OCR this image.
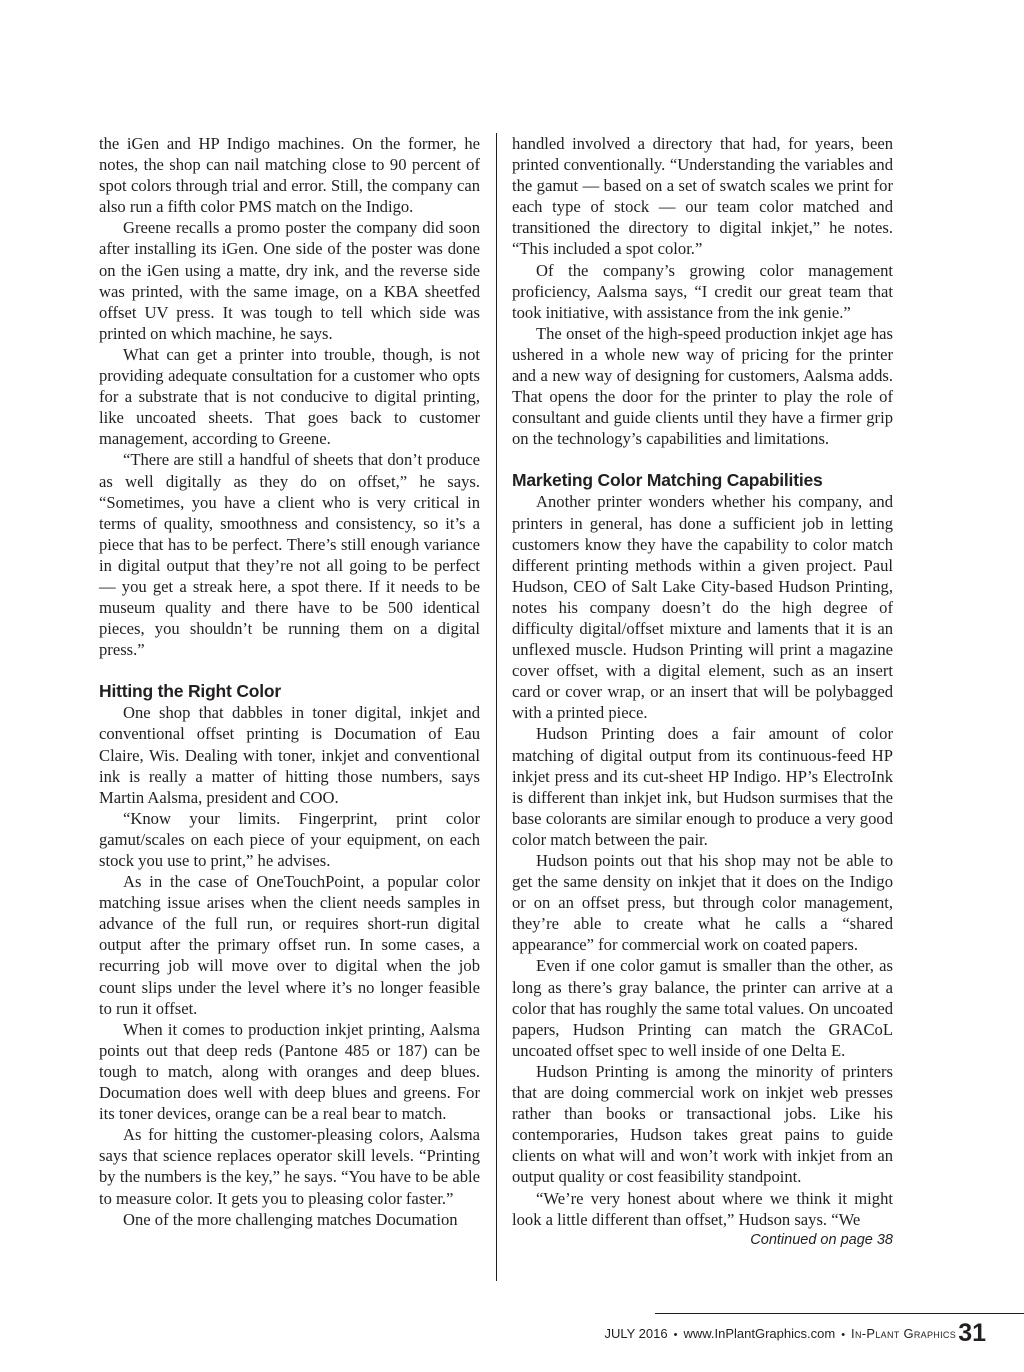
the iGen and HP Indigo machines. On the former, he notes, the shop can nail matching close to 90 percent of spot colors through trial and error. Still, the company can also run a fifth color PMS match on the Indigo.

Greene recalls a promo poster the company did soon after installing its iGen. One side of the poster was done on the iGen using a matte, dry ink, and the reverse side was printed, with the same image, on a KBA sheetfed offset UV press. It was tough to tell which side was printed on which machine, he says.

What can get a printer into trouble, though, is not providing adequate consultation for a customer who opts for a substrate that is not conducive to digital printing, like uncoated sheets. That goes back to customer management, according to Greene.

“There are still a handful of sheets that don’t produce as well digitally as they do on offset,” he says. “Sometimes, you have a client who is very critical in terms of quality, smoothness and consistency, so it’s a piece that has to be perfect. There’s still enough variance in digital output that they’re not all going to be perfect — you get a streak here, a spot there. If it needs to be museum quality and there have to be 500 identical pieces, you shouldn’t be running them on a digital press.”

Hitting the Right Color

One shop that dabbles in toner digital, inkjet and conventional offset printing is Documation of Eau Claire, Wis. Dealing with toner, inkjet and conventional ink is really a matter of hitting those numbers, says Martin Aalsma, president and COO.

“Know your limits. Fingerprint, print color gamut/scales on each piece of your equipment, on each stock you use to print,” he advises.

As in the case of OneTouchPoint, a popular color matching issue arises when the client needs samples in advance of the full run, or requires short-run digital output after the primary offset run. In some cases, a recurring job will move over to digital when the job count slips under the level where it’s no longer feasible to run it offset.

When it comes to production inkjet printing, Aalsma points out that deep reds (Pantone 485 or 187) can be tough to match, along with oranges and deep blues. Documation does well with deep blues and greens. For its toner devices, orange can be a real bear to match.

As for hitting the customer-pleasing colors, Aalsma says that science replaces operator skill levels. “Printing by the numbers is the key,” he says. “You have to be able to measure color. It gets you to pleasing color faster.”

One of the more challenging matches Documation

handled involved a directory that had, for years, been printed conventionally. “Understanding the variables and the gamut — based on a set of swatch scales we print for each type of stock — our team color matched and transitioned the directory to digital inkjet,” he notes. “This included a spot color.”

Of the company’s growing color management proficiency, Aalsma says, “I credit our great team that took initiative, with assistance from the ink genie.”

The onset of the high-speed production inkjet age has ushered in a whole new way of pricing for the printer and a new way of designing for customers, Aalsma adds. That opens the door for the printer to play the role of consultant and guide clients until they have a firmer grip on the technology’s capabilities and limitations.

Marketing Color Matching Capabilities

Another printer wonders whether his company, and printers in general, has done a sufficient job in letting customers know they have the capability to color match different printing methods within a given project. Paul Hudson, CEO of Salt Lake City-based Hudson Printing, notes his company doesn’t do the high degree of difficulty digital/offset mixture and laments that it is an unflexed muscle. Hudson Printing will print a magazine cover offset, with a digital element, such as an insert card or cover wrap, or an insert that will be polybagged with a printed piece.

Hudson Printing does a fair amount of color matching of digital output from its continuous-feed HP inkjet press and its cut-sheet HP Indigo. HP’s ElectroInk is different than inkjet ink, but Hudson surmises that the base colorants are similar enough to produce a very good color match between the pair.

Hudson points out that his shop may not be able to get the same density on inkjet that it does on the Indigo or on an offset press, but through color management, they’re able to create what he calls a “shared appearance” for commercial work on coated papers.

Even if one color gamut is smaller than the other, as long as there’s gray balance, the printer can arrive at a color that has roughly the same total values. On uncoated papers, Hudson Printing can match the GRACoL uncoated offset spec to well inside of one Delta E.

Hudson Printing is among the minority of printers that are doing commercial work on inkjet web presses rather than books or transactional jobs. Like his contemporaries, Hudson takes great pains to guide clients on what will and won’t work with inkjet from an output quality or cost feasibility standpoint.

“We’re very honest about where we think it might look a little different than offset,” Hudson says. “We

Continued on page 38

JULY 2016 • www.InPlantGraphics.com • In-Plant Graphics 31
